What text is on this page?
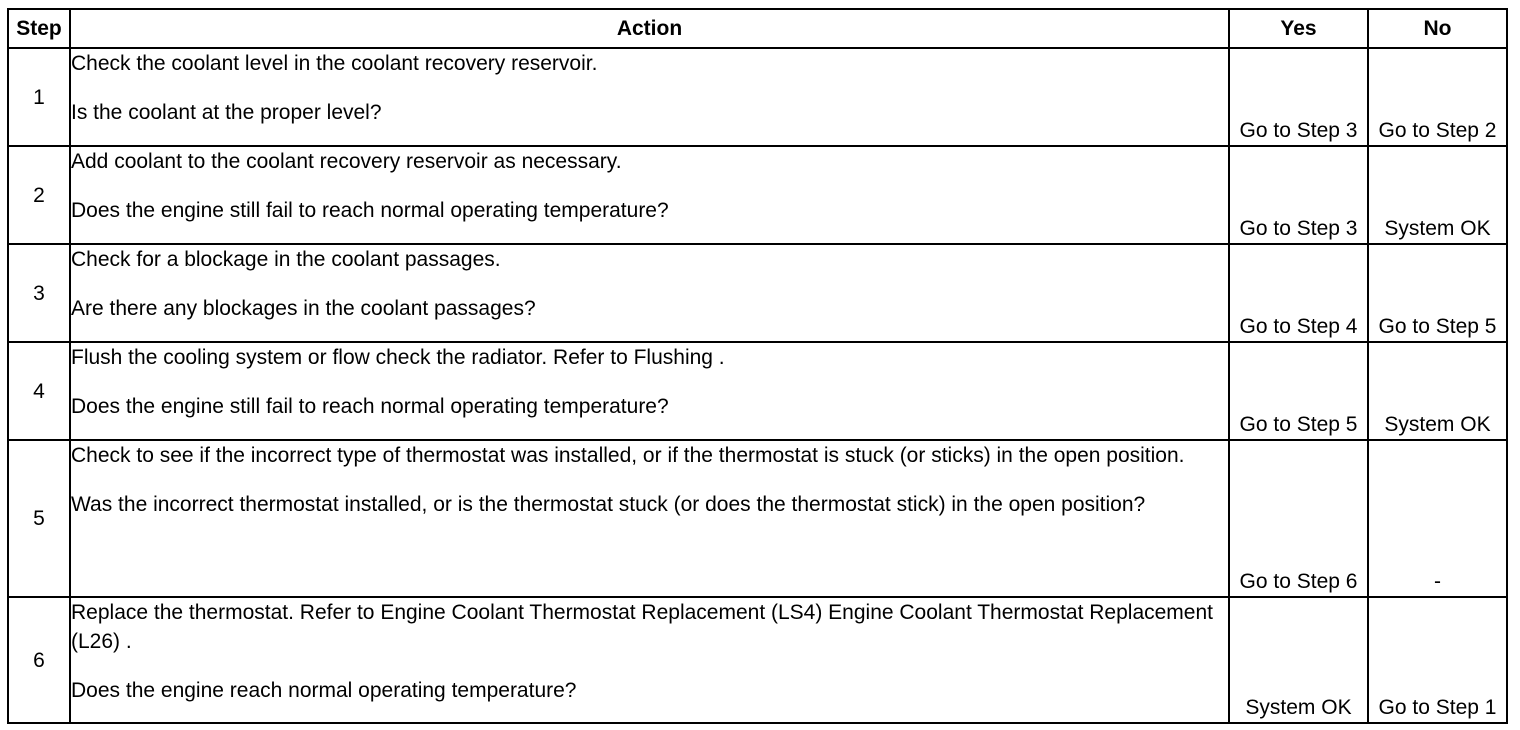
Step	Action	Yes	No
1	Check the coolant level in the coolant recovery reservoir.

Is the coolant at the proper level?	Go to Step 3	Go to Step 2
2	Add coolant to the coolant recovery reservoir as necessary.

Does the engine still fail to reach normal operating temperature?	Go to Step 3	System OK
3	Check for a blockage in the coolant passages.

Are there any blockages in the coolant passages?	Go to Step 4	Go to Step 5
4	Flush the cooling system or flow check the radiator. Refer to Flushing .

Does the engine still fail to reach normal operating temperature?	Go to Step 5	System OK
5	Check to see if the incorrect type of thermostat was installed, or if the thermostat is stuck (or sticks) in the open position.

Was the incorrect thermostat installed, or is the thermostat stuck (or does the thermostat stick) in the open position?	Go to Step 6	-
6	Replace the thermostat. Refer to Engine Coolant Thermostat Replacement (LS4) Engine Coolant Thermostat Replacement (L26) .

Does the engine reach normal operating temperature?	System OK	Go to Step 1
